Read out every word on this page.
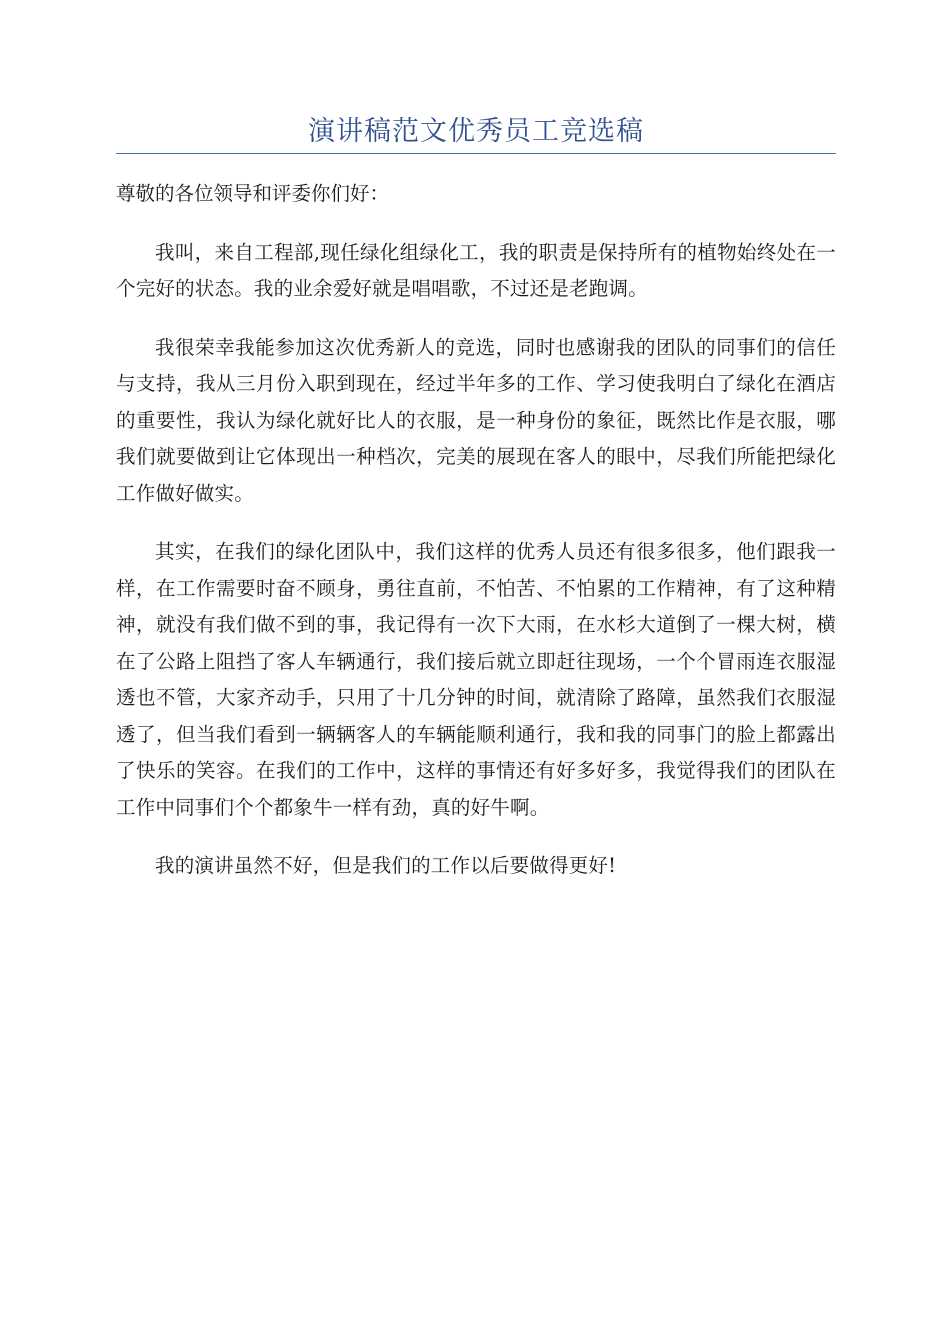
演讲稿范文优秀员工竞选稿

尊敬的各位领导和评委你们好：

我叫，来自工程部,现任绿化组绿化工，我的职责是保持所有的植物始终处在一个完好的状态。我的业余爱好就是唱唱歌，不过还是老跑调。

我很荣幸我能参加这次优秀新人的竞选，同时也感谢我的团队的同事们的信任与支持，我从三月份入职到现在，经过半年多的工作、学习使我明白了绿化在酒店的重要性，我认为绿化就好比人的衣服，是一种身份的象征，既然比作是衣服，哪我们就要做到让它体现出一种档次，完美的展现在客人的眼中，尽我们所能把绿化工作做好做实。

其实，在我们的绿化团队中，我们这样的优秀人员还有很多很多，他们跟我一样，在工作需要时奋不顾身，勇往直前，不怕苦、不怕累的工作精神，有了这种精神，就没有我们做不到的事，我记得有一次下大雨，在水杉大道倒了一棵大树，横在了公路上阻挡了客人车辆通行，我们接后就立即赶往现场，一个个冒雨连衣服湿透也不管，大家齐动手，只用了十几分钟的时间，就清除了路障，虽然我们衣服湿透了，但当我们看到一辆辆客人的车辆能顺利通行，我和我的同事门的脸上都露出了快乐的笑容。在我们的工作中，这样的事情还有好多好多，我觉得我们的团队在工作中同事们个个都象牛一样有劲，真的好牛啊。

我的演讲虽然不好，但是我们的工作以后要做得更好!
